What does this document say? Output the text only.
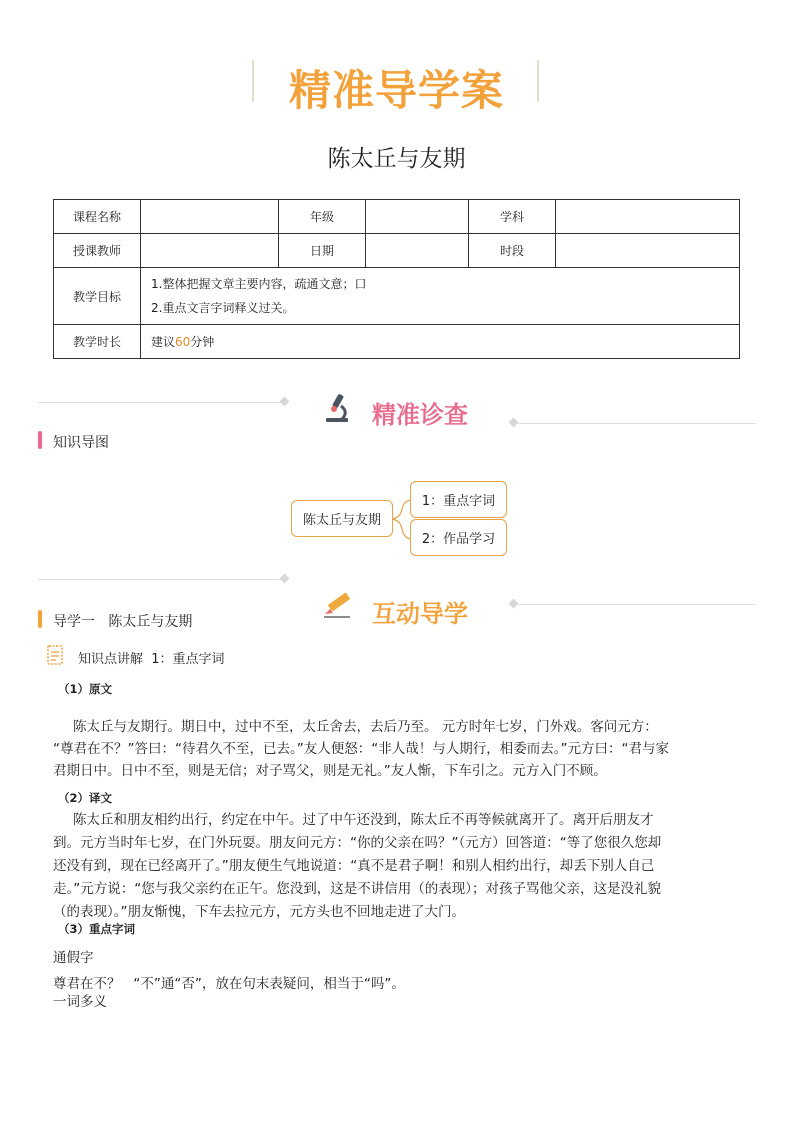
精准导学案
陈太丘与友期
课程名称		年级		学科	
授课教师		日期		时段	
教学目标	1.整体把握文章主要内容，疏通文意；口
2.重点文言字词释义过关。				

教学时长	建议60分钟				
精准诊查
知识导图
陈太丘与友期
1：重点字词
2：作品学习
互动导学
导学一   陈太丘与友期
知识点讲解  1：重点字词
（1）原文
陈太丘与友期行。期日中，过中不至，太丘舍去，去后乃至。 元方时年七岁，门外戏。客问元方：
“尊君在不？”答曰：“待君久不至，已去。”友人便怒：“非人哉！与人期行，相委而去。”元方曰：“君与家
君期日中。日中不至，则是无信；对子骂父，则是无礼。”友人惭，下车引之。元方入门不顾。
（2）译文
陈太丘和朋友相约出行，约定在中午。过了中午还没到，陈太丘不再等候就离开了。离开后朋友才
到。元方当时年七岁，在门外玩耍。朋友问元方：“你的父亲在吗？”（元方）回答道：“等了您很久您却
还没有到，现在已经离开了。”朋友便生气地说道：“真不是君子啊！和别人相约出行，却丢下别人自己
走。”元方说：“您与我父亲约在正午。您没到，这是不讲信用（的表现）；对孩子骂他父亲，这是没礼貌
（的表现）。”朋友惭愧，下车去拉元方，元方头也不回地走进了大门。
（3）重点字词
通假字
尊君在不？   “不”通“否”，放在句末表疑问，相当于“吗”。
一词多义
